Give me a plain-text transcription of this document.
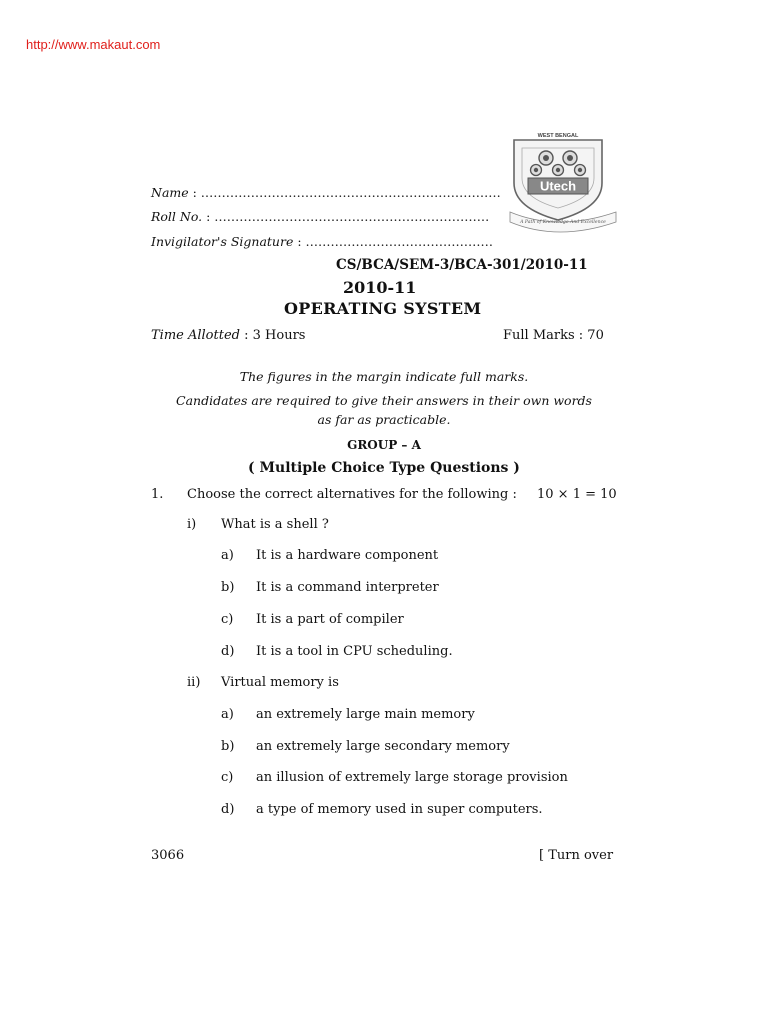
http://www.makaut.com
WEST BENGAL
Utech
A Path of Knowledge And Excellence
Name : ………………………………………………………………
Roll No. : …………………………………………………………
Invigilator's Signature : ………………………………………
CS/BCA/SEM-3/BCA-301/2010-11
2010-11
OPERATING SYSTEM
Time Allotted : 3 Hours	Full Marks : 70
The figures in the margin indicate full marks.
Candidates are required to give their answers in their own words
as far as practicable.
GROUP – A
( Multiple Choice Type Questions )
1. Choose the correct alternatives for the following : 10 × 1 = 10
i) What is a shell ?
a) It is a hardware component
b) It is a command interpreter
c) It is a part of compiler
d) It is a tool in CPU scheduling.
ii) Virtual memory is
a) an extremely large main memory
b) an extremely large secondary memory
c) an illusion of extremely large storage provision
d) a type of memory used in super computers.
3066	[ Turn over
